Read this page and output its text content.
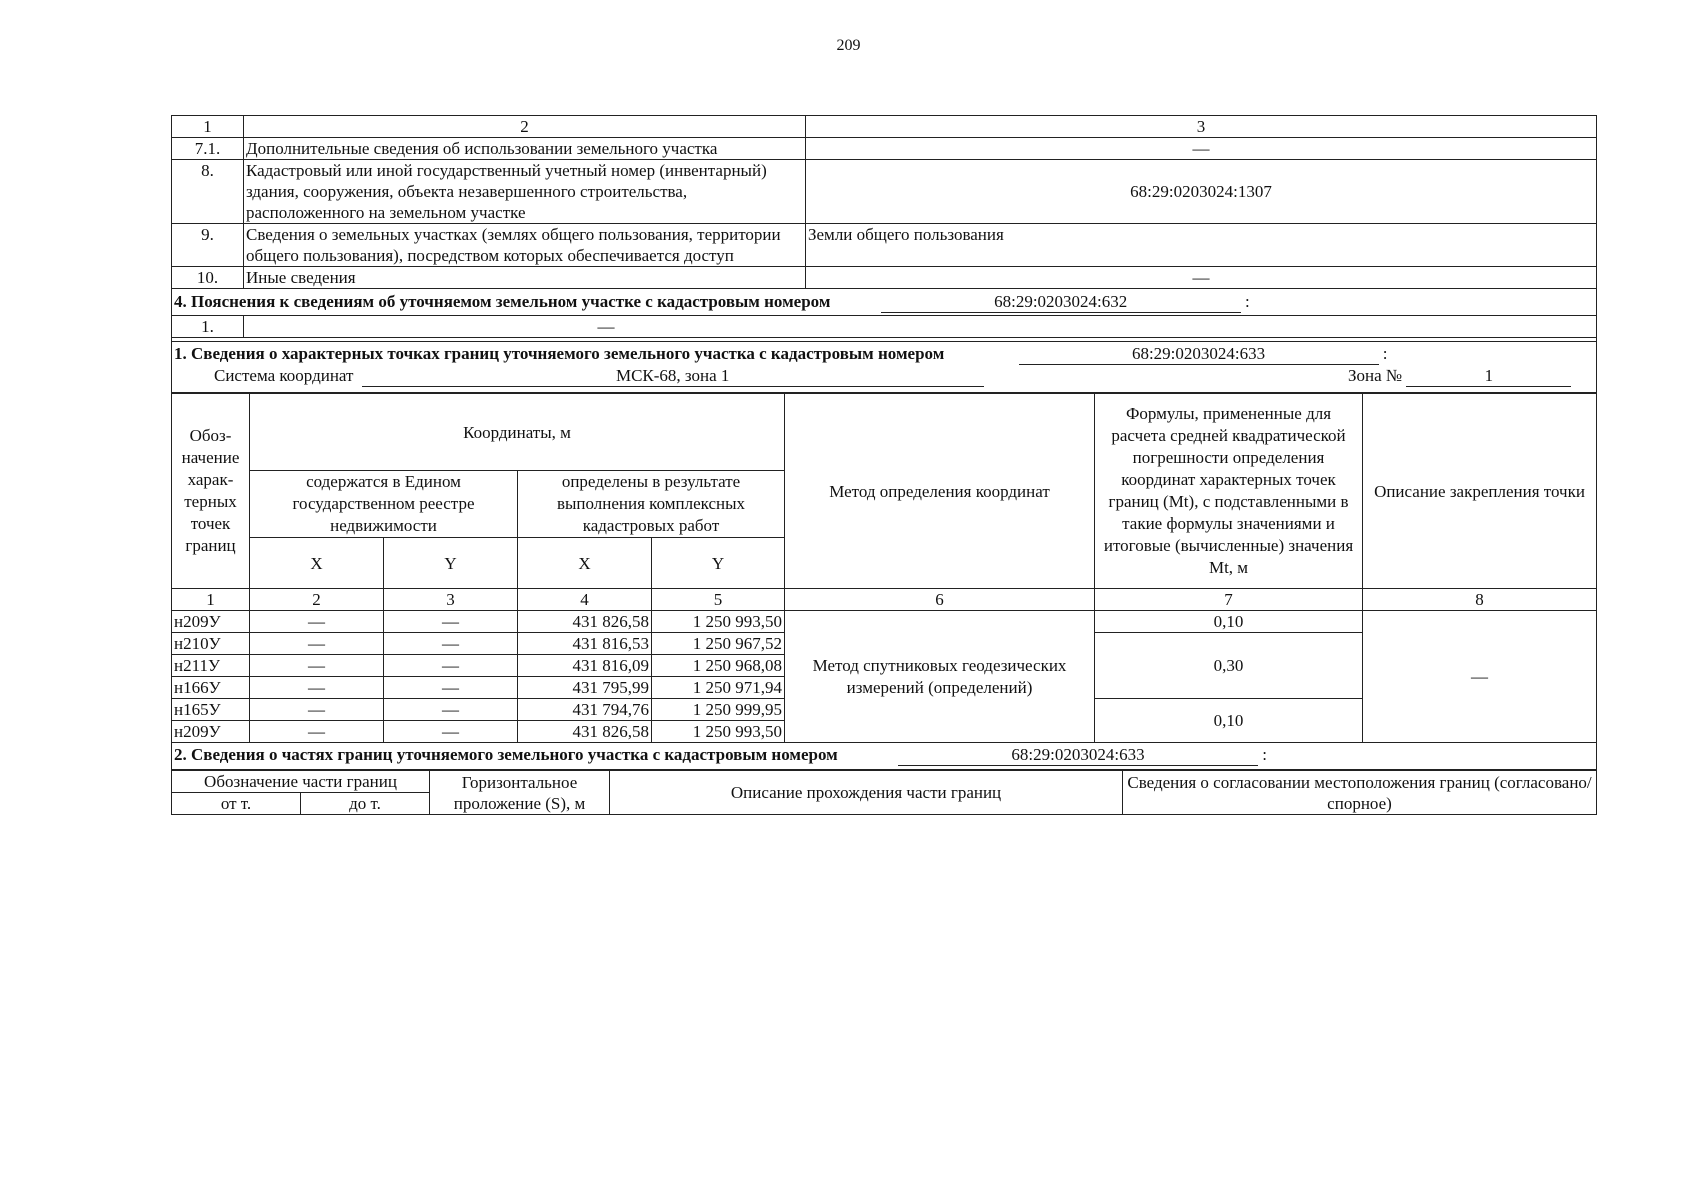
209
1	2	3
7.1.	Дополнительные сведения об использовании земельного участка	—
8.	Кадастровый или иной государственный учетный номер (инвентарный) здания, сооружения, объекта незавершенного строительства, расположенного на земельном участке	68:29:0203024:1307
9.	Сведения о земельных участках (землях общего пользования, территории общего пользования), посредством которых обеспечивается доступ	Земли общего пользования
10.	Иные сведения	—
4. Пояснения к сведениям об уточняемом земельном участке с кадастровым номером 68:29:0203024:632 :		
1.	—	
1. Сведения о характерных точках границ уточняемого земельного участка с кадастровым номером	68:29:0203024:633	:
Система координат	МСК-68, зона 1	Зона №	1
Обоз-начение харак-терных точек границ	Координаты, м				Метод определения координат	Формулы, примененные для расчета средней квадратической погрешности определения координат характерных точек границ (Mt), с подставленными в такие формулы значениями и итоговые (вычисленные) значения Mt, м	Описание закрепления точки
	содержатся в Едином государственном реестре недвижимости		определены в результате выполнения комплексных кадастровых работ				
	X	Y	X	Y			
1	2	3	4	5	6	7	8
н209У	—	—	431 826,58	1 250 993,50	Метод спутниковых геодезических измерений (определений)	0,10	—
н210У	—	—	431 816,53	1 250 967,52		0,30	
н211У	—	—	431 816,09	1 250 968,08			
н166У	—	—	431 795,99	1 250 971,94			
н165У	—	—	431 794,76	1 250 999,95		0,10	
н209У	—	—	431 826,58	1 250 993,50			
2. Сведения о частях границ уточняемого земельного участка с кадастровым номером	68:29:0203024:633	:
Обозначение части границ		Горизонтальное проложение (S), м	Описание прохождения части границ	Сведения о согласовании местоположения границ (согласовано/спорное)
от т.	до т.			
